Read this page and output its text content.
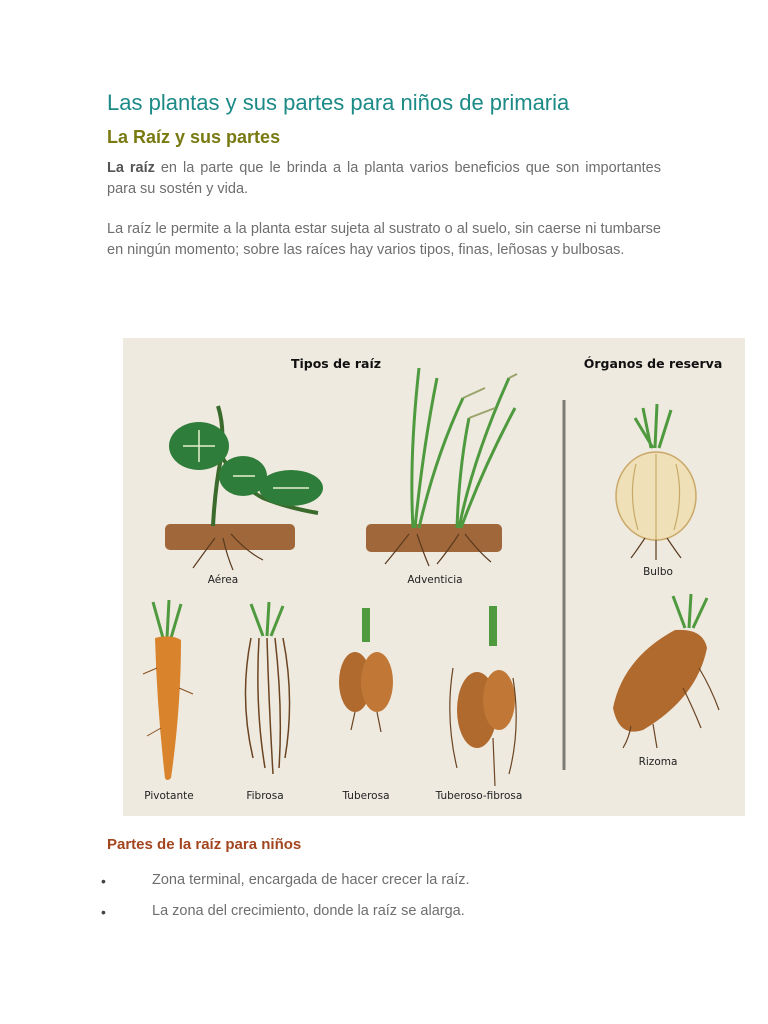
Las plantas y sus partes para niños de primaria
La Raíz y sus partes

La raíz en la parte que le brinda a la planta varios beneficios que son importantes para su sostén y vida.

La raíz le permite a la planta estar sujeta al sustrato o al suelo, sin caerse ni tumbarse en ningún momento; sobre las raíces hay varios tipos, finas, leñosas y bulbosas.

Tipos de raíz	Órganos de reserva
Aérea	Adventicia
Bulbo
Pivotante	Fibrosa	Tuberosa	Tuberoso-fibrosa
Rizoma
Partes de la raíz para niños
•	Zona terminal, encargada de hacer crecer la raíz.
•	La zona del crecimiento, donde la raíz se alarga.
